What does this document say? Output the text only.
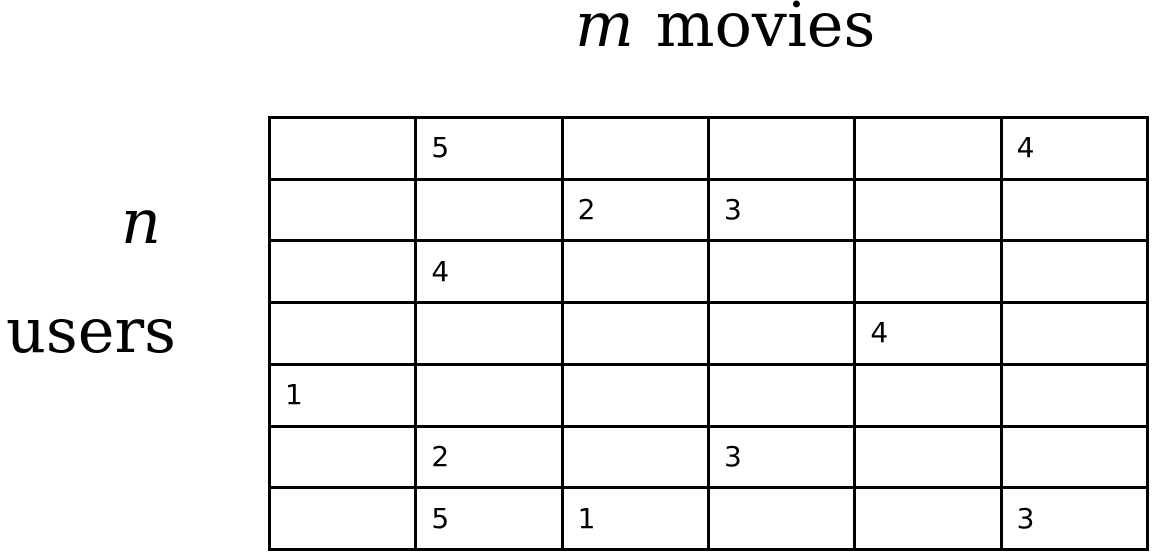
m movies
n
users
	5				4
		2	3		
	4				
				4	
1					
	2		3		
	5	1			3
